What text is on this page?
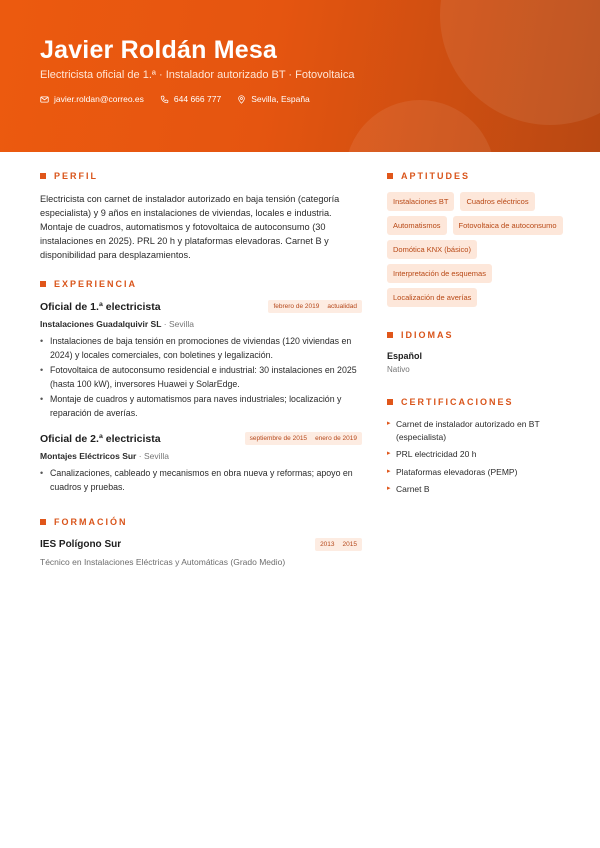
Javier Roldán Mesa
Electricista oficial de 1.ª · Instalador autorizado BT · Fotovoltaica
javier.roldan@correo.es	644 666 777	Sevilla, España
PERFIL

Electricista con carnet de instalador autorizado en baja tensión (categoría especialista) y 9 años en instalaciones de viviendas, locales e industria. Montaje de cuadros, automatismos y fotovoltaica de autoconsumo (30 instalaciones en 2025). PRL 20 h y plataformas elevadoras. Carnet B y disponibilidad para desplazamientos.

EXPERIENCIA
Oficial de 1.ª electricista	febrero de 2019 actualidad
Instalaciones Guadalquivir SL · Sevilla
• Instalaciones de baja tensión en promociones de viviendas (120 viviendas en 2024) y locales comerciales, con boletines y legalización.
• Fotovoltaica de autoconsumo residencial e industrial: 30 instalaciones en 2025 (hasta 100 kW), inversores Huawei y SolarEdge.
• Montaje de cuadros y automatismos para naves industriales; localización y reparación de averías.
Oficial de 2.ª electricista	septiembre de 2015 enero de 2019
Montajes Eléctricos Sur · Sevilla
• Canalizaciones, cableado y mecanismos en obra nueva y reformas; apoyo en cuadros y pruebas.
FORMACIÓN
IES Polígono Sur	2013 2015
Técnico en Instalaciones Eléctricas y Automáticas (Grado Medio)
APTITUDES
Instalaciones BT	Cuadros eléctricos
Automatismos	Fotovoltaica de autoconsumo
Domótica KNX (básico)
Interpretación de esquemas
Localización de averías
IDIOMAS
Español
Nativo
CERTIFICACIONES
▸ Carnet de instalador autorizado en BT (especialista)
▸ PRL electricidad 20 h
▸ Plataformas elevadoras (PEMP)
▸ Carnet B
